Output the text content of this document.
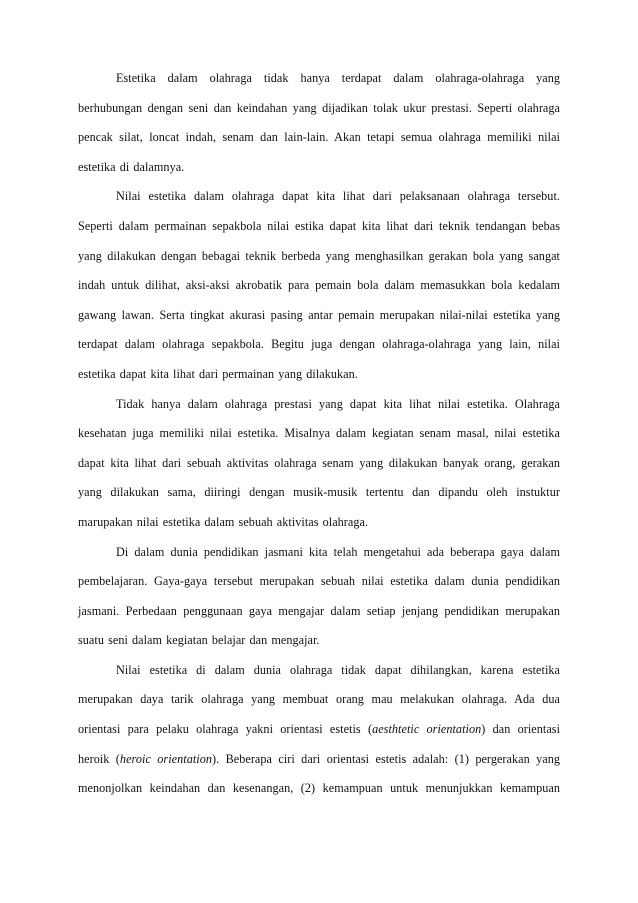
Estetika dalam olahraga tidak hanya terdapat dalam olahraga-olahraga yang berhubungan dengan seni dan keindahan yang dijadikan tolak ukur prestasi. Seperti olahraga pencak silat, loncat indah, senam dan lain-lain. Akan tetapi semua olahraga memiliki nilai estetika di dalamnya.

Nilai estetika dalam olahraga dapat kita lihat dari pelaksanaan olahraga tersebut. Seperti dalam permainan sepakbola nilai estika dapat kita lihat dari teknik tendangan bebas yang dilakukan dengan bebagai teknik berbeda yang menghasilkan gerakan bola yang sangat indah untuk dilihat, aksi-aksi akrobatik para pemain bola dalam memasukkan bola kedalam gawang lawan. Serta tingkat akurasi pasing antar pemain merupakan nilai-nilai estetika yang terdapat dalam olahraga sepakbola. Begitu juga dengan olahraga-olahraga yang lain, nilai estetika dapat kita lihat dari permainan yang dilakukan.

Tidak hanya dalam olahraga prestasi yang dapat kita lihat nilai estetika. Olahraga kesehatan juga memiliki nilai estetika. Misalnya dalam kegiatan senam masal, nilai estetika dapat kita lihat dari sebuah aktivitas olahraga senam yang dilakukan banyak orang, gerakan yang dilakukan sama, diiringi dengan musik-musik tertentu dan dipandu oleh instuktur marupakan nilai estetika dalam sebuah aktivitas olahraga.

Di dalam dunia pendidikan jasmani kita telah mengetahui ada beberapa gaya dalam pembelajaran. Gaya-gaya tersebut merupakan sebuah nilai estetika dalam dunia pendidikan jasmani. Perbedaan penggunaan gaya mengajar dalam setiap jenjang pendidikan merupakan suatu seni dalam kegiatan belajar dan mengajar.

Nilai estetika di dalam dunia olahraga tidak dapat dihilangkan, karena estetika merupakan daya tarik olahraga yang membuat orang mau melakukan olahraga. Ada dua orientasi para pelaku olahraga yakni orientasi estetis (aesthtetic orientation) dan orientasi heroik (heroic orientation). Beberapa ciri dari orientasi estetis adalah: (1) pergerakan yang menonjolkan keindahan dan kesenangan, (2) kemampuan untuk menunjukkan kemampuan
